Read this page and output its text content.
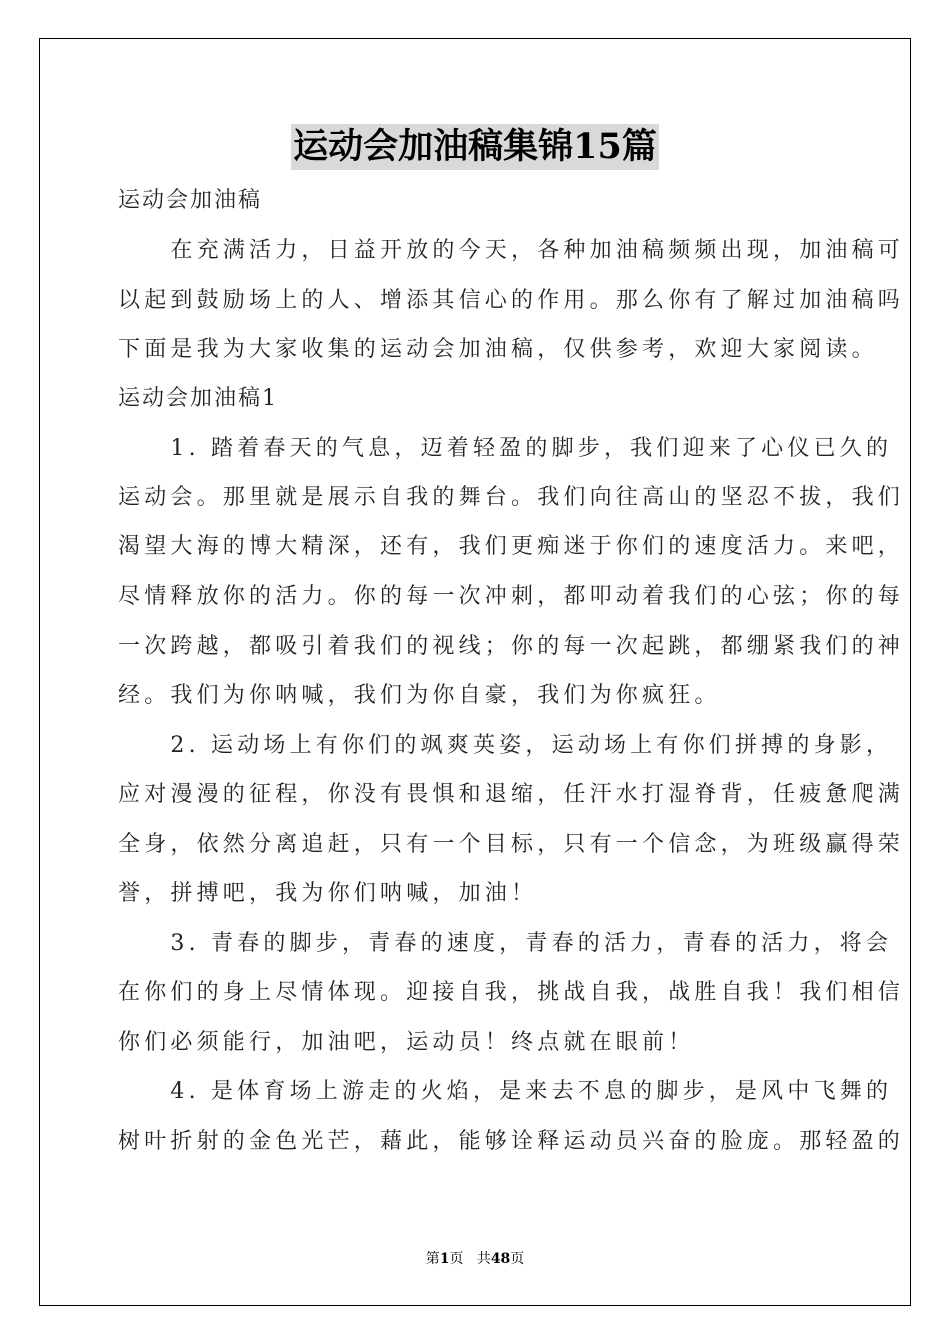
运动会加油稿集锦15篇
运动会加油稿
　　在充满活力，日益开放的今天，各种加油稿频频出现，加油稿可
以起到鼓励场上的人、增添其信心的作用。那么你有了解过加油稿吗
下面是我为大家收集的运动会加油稿，仅供参考，欢迎大家阅读。
运动会加油稿1
　　1. 踏着春天的气息，迈着轻盈的脚步，我们迎来了心仪已久的
运动会。那里就是展示自我的舞台。我们向往高山的坚忍不拔，我们
渴望大海的博大精深，还有，我们更痴迷于你们的速度活力。来吧，
尽情释放你的活力。你的每一次冲刺，都叩动着我们的心弦；你的每
一次跨越，都吸引着我们的视线；你的每一次起跳，都绷紧我们的神
经。我们为你呐喊，我们为你自豪，我们为你疯狂。
　　2. 运动场上有你们的飒爽英姿，运动场上有你们拼搏的身影，
应对漫漫的征程，你没有畏惧和退缩，任汗水打湿脊背，任疲惫爬满
全身，依然分离追赶，只有一个目标，只有一个信念，为班级赢得荣
誉，拼搏吧，我为你们呐喊，加油！
　　3. 青春的脚步，青春的速度，青春的活力，青春的活力，将会
在你们的身上尽情体现。迎接自我，挑战自我，战胜自我！我们相信
你们必须能行，加油吧，运动员！终点就在眼前！
　　4. 是体育场上游走的火焰，是来去不息的脚步，是风中飞舞的
树叶折射的金色光芒，藉此，能够诠释运动员兴奋的脸庞。那轻盈的
第1页 共48页
